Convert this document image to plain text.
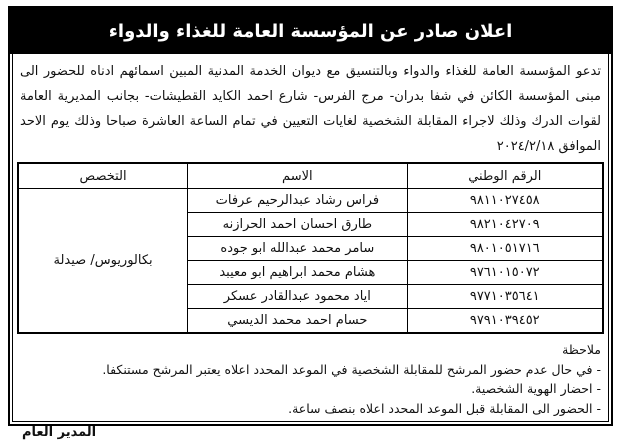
اعلان صادر عن المؤسسة العامة للغذاء والدواء

تدعو المؤسسة العامة للغذاء والدواء وبالتنسيق مع ديوان الخدمة المدنية المبين اسمائهم ادناه للحضور الى مبنى المؤسسة الكائن في شفا بدران- مرج الفرس- شارع احمد الكايد القطيشات- بجانب المديرية العامة لقوات الدرك وذلك لاجراء المقابلة الشخصية لغايات التعيين في تمام الساعة العاشرة صباحا وذلك يوم الاحد الموافق ٢٠٢٤/٢/١٨

الرقم الوطني	الاسم	التخصص
٩٨١١٠٢٧٤٥٨	فراس رشاد عبدالرحيم عرفات	بكالوريوس/ صيدلة
٩٨٢١٠٤٢٧٠٩	طارق احسان احمد الحرازنه	
٩٨٠١٠٥١٧١٦	سامر محمد عبدالله ابو جوده	
٩٧٦١٠١٥٠٧٢	هشام محمد ابراهيم ابو معيبد	
٩٧٧١٠٣٥٦٤١	اياد محمود عبدالقادر عسكر	
٩٧٩١٠٣٩٤٥٢	حسام احمد محمد الديسي	
ملاحظة
- في حال عدم حضور المرشح للمقابلة الشخصية في الموعد المحدد اعلاه يعتبر المرشح مستنكفا.
- احضار الهوية الشخصية.
- الحضور الى المقابلة قبل الموعد المحدد اعلاه بنصف ساعة.
المدير العام
